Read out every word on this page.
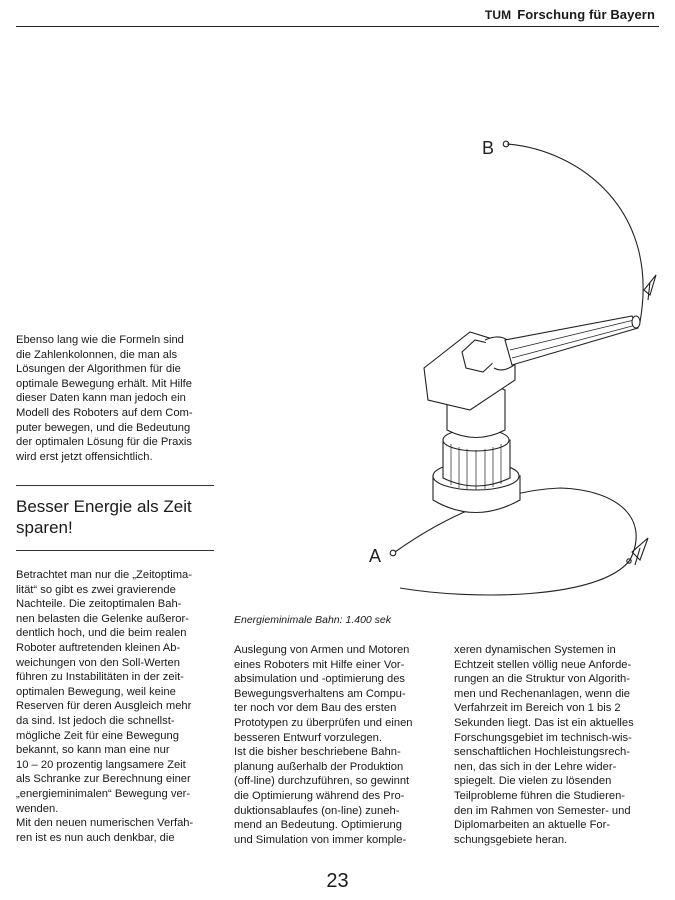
TUM Forschung für Bayern

Ebenso lang wie die Formeln sind

die Zahlenkolonnen, die man als

Lösungen der Algorithmen für die

optimale Bewegung erhält. Mit Hilfe

dieser Daten kann man jedoch ein

Modell des Roboters auf dem Com-

puter bewegen, und die Bedeutung

der optimalen Lösung für die Praxis

wird erst jetzt offensichtlich.

Besser Energie als Zeit
sparen!
B
A
Energieminimale Bahn: 1.400 sek

Betrachtet man nur die „Zeitoptima-

lität“ so gibt es zwei gravierende

Nachteile. Die zeitoptimalen Bah-

nen belasten die Gelenke außeror-

dentlich hoch, und die beim realen

Roboter auftretenden kleinen Ab-

weichungen von den Soll-Werten

führen zu Instabilitäten in der zeit-

optimalen Bewegung, weil keine

Reserven für deren Ausgleich mehr

da sind. Ist jedoch die schnellst-

mögliche Zeit für eine Bewegung

bekannt, so kann man eine nur

10 – 20 prozentig langsamere Zeit

als Schranke zur Berechnung einer

„energieminimalen“ Bewegung ver-

wenden.

Mit den neuen numerischen Verfah-

ren ist es nun auch denkbar, die

Auslegung von Armen und Motoren

eines Roboters mit Hilfe einer Vor-

absimulation und -optimierung des

Bewegungsverhaltens am Compu-

ter noch vor dem Bau des ersten

Prototypen zu überprüfen und einen

besseren Entwurf vorzulegen.

Ist die bisher beschriebene Bahn-

planung außerhalb der Produktion

(off-line) durchzuführen, so gewinnt

die Optimierung während des Pro-

duktionsablaufes (on-line) zuneh-

mend an Bedeutung. Optimierung

und Simulation von immer komple-

xeren dynamischen Systemen in

Echtzeit stellen völlig neue Anforde-

rungen an die Struktur von Algorith-

men und Rechenanlagen, wenn die

Verfahrzeit im Bereich von 1 bis 2

Sekunden liegt. Das ist ein aktuelles

Forschungsgebiet im technisch-wis-

senschaftlichen Hochleistungsrech-

nen, das sich in der Lehre wider-

spiegelt. Die vielen zu lösenden

Teilprobleme führen die Studieren-

den im Rahmen von Semester- und

Diplomarbeiten an aktuelle For-

schungsgebiete heran.

23
